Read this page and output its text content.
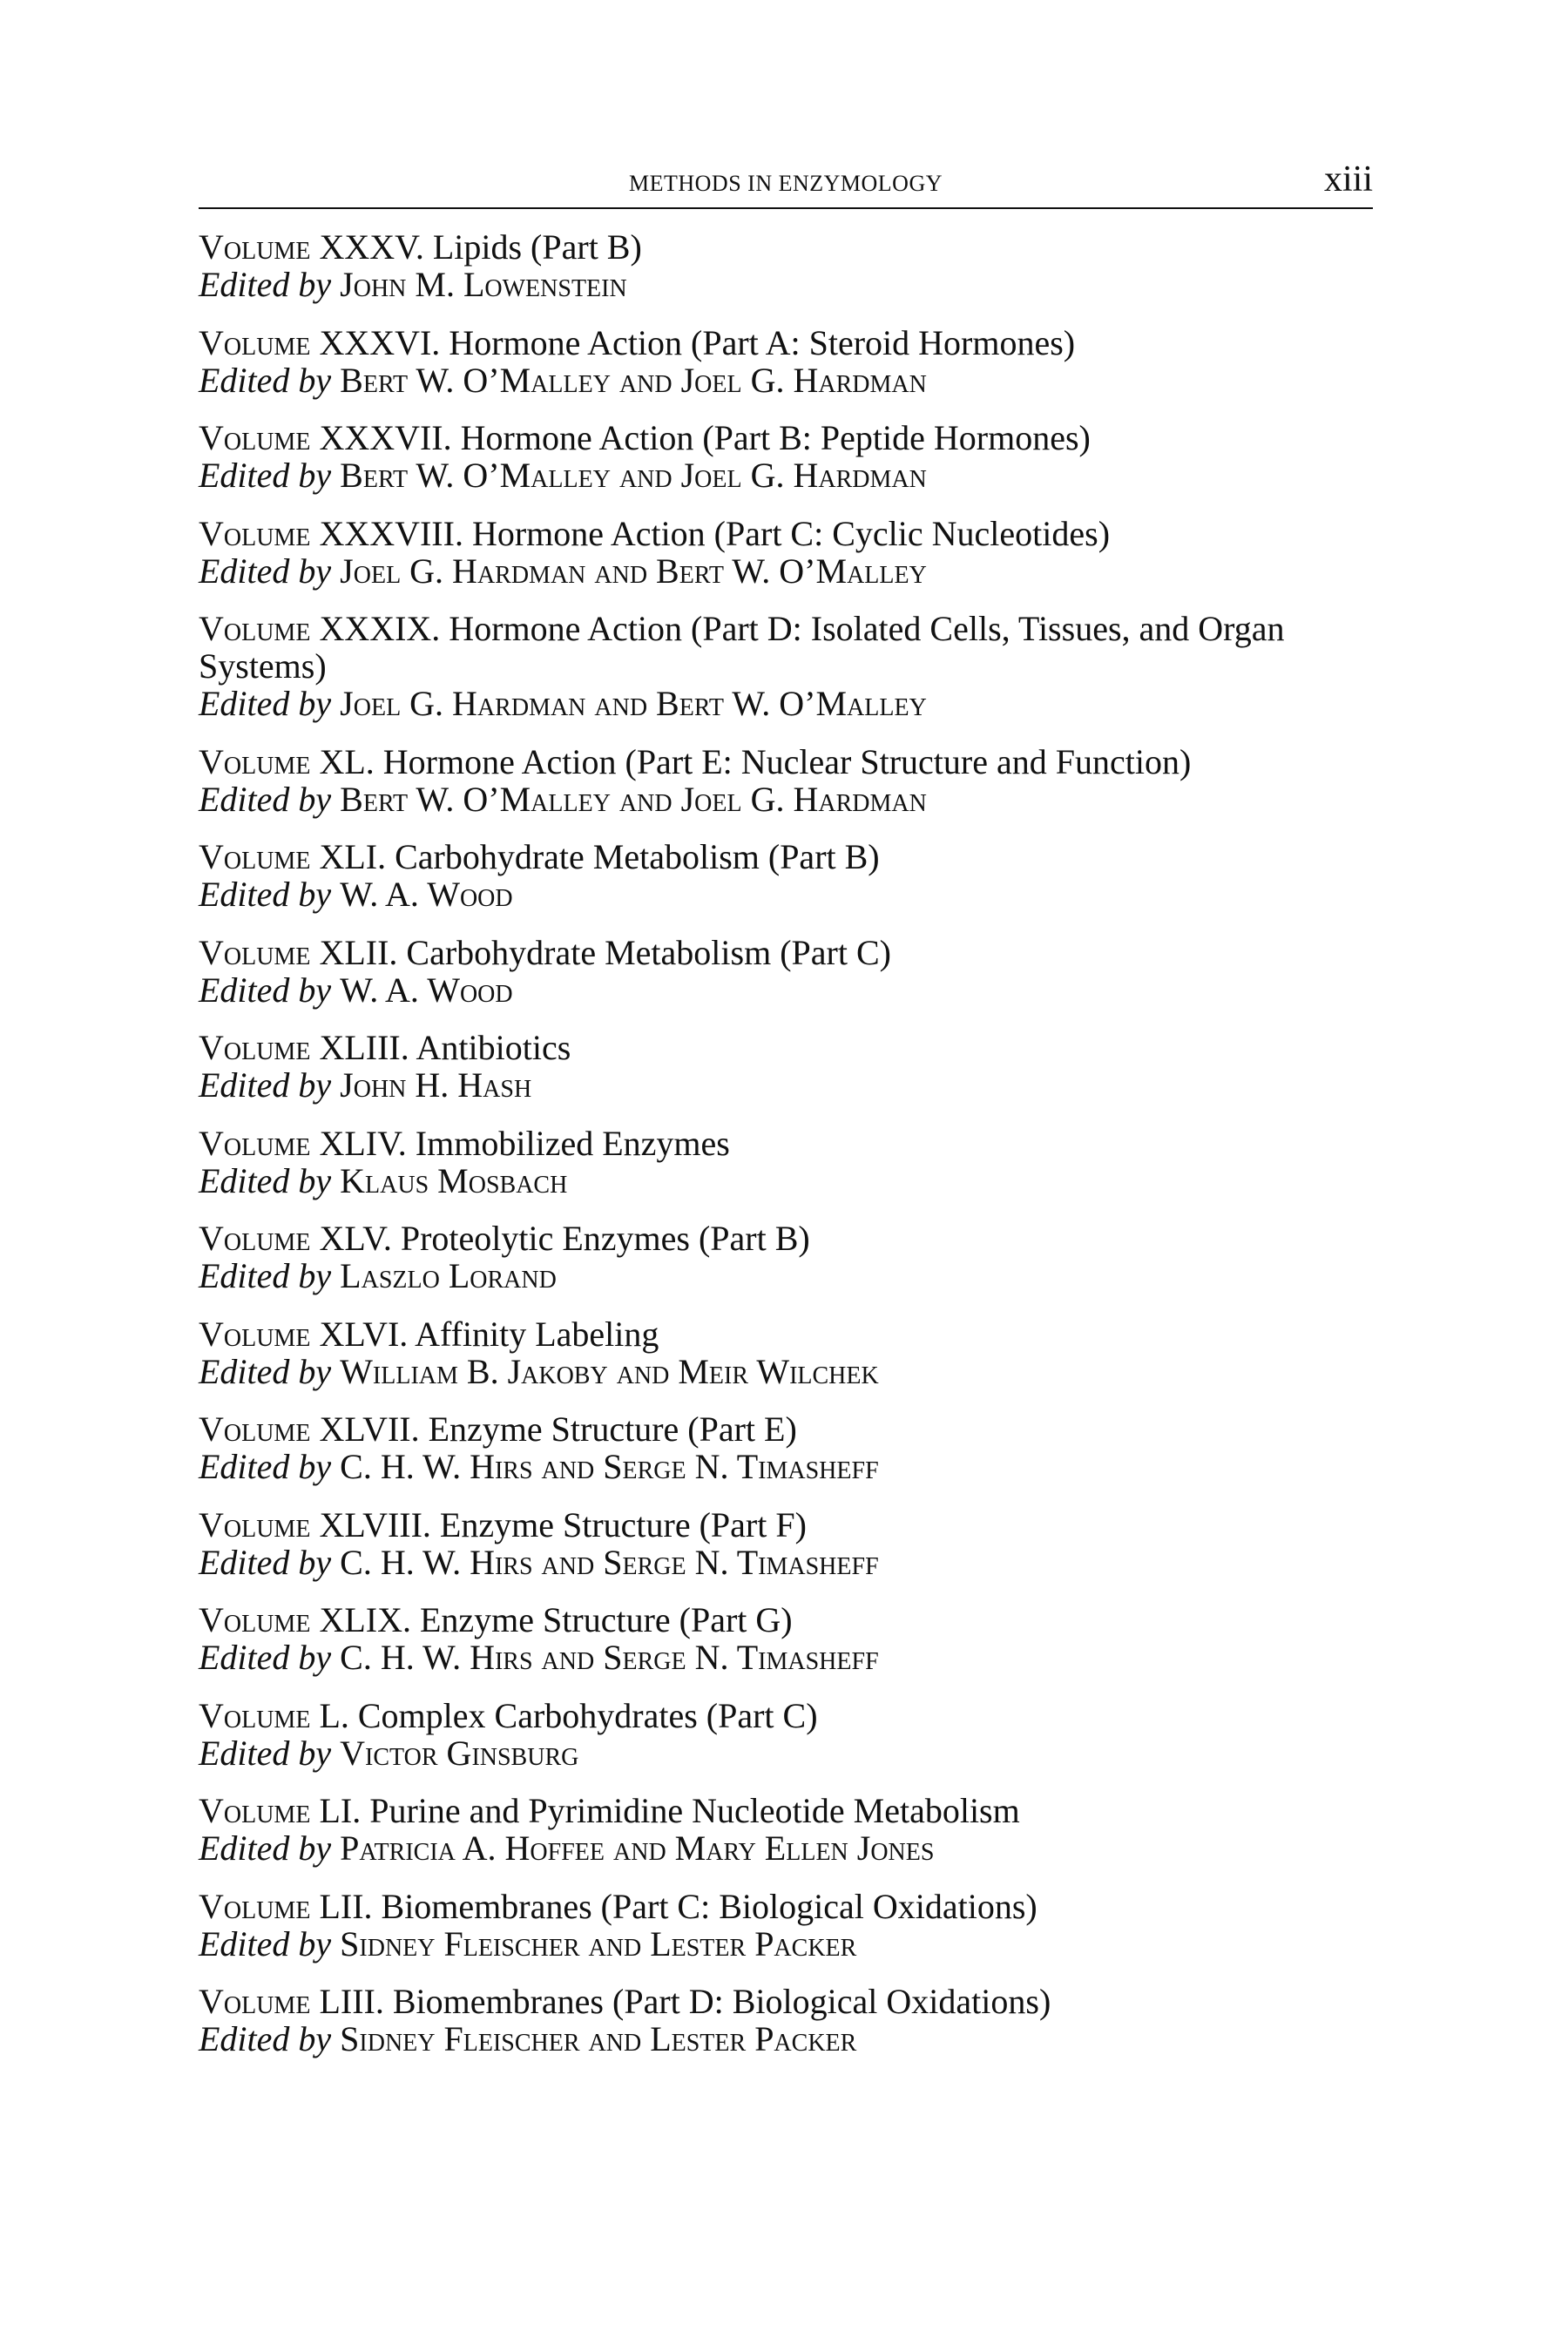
METHODS IN ENZYMOLOGY	xiii

Volume XXXV. Lipids (Part B)

Edited by John M. Lowenstein

Volume XXXVI. Hormone Action (Part A: Steroid Hormones)

Edited by Bert W. O’Malley and Joel G. Hardman

Volume XXXVII. Hormone Action (Part B: Peptide Hormones)

Edited by Bert W. O’Malley and Joel G. Hardman

Volume XXXVIII. Hormone Action (Part C: Cyclic Nucleotides)

Edited by Joel G. Hardman and Bert W. O’Malley

Volume XXXIX. Hormone Action (Part D: Isolated Cells, Tissues, and Organ Systems)

Edited by Joel G. Hardman and Bert W. O’Malley

Volume XL. Hormone Action (Part E: Nuclear Structure and Function)

Edited by Bert W. O’Malley and Joel G. Hardman

Volume XLI. Carbohydrate Metabolism (Part B)

Edited by W. A. Wood

Volume XLII. Carbohydrate Metabolism (Part C)

Edited by W. A. Wood

Volume XLIII. Antibiotics

Edited by John H. Hash

Volume XLIV. Immobilized Enzymes

Edited by Klaus Mosbach

Volume XLV. Proteolytic Enzymes (Part B)

Edited by Laszlo Lorand

Volume XLVI. Affinity Labeling

Edited by William B. Jakoby and Meir Wilchek

Volume XLVII. Enzyme Structure (Part E)

Edited by C. H. W. Hirs and Serge N. Timasheff

Volume XLVIII. Enzyme Structure (Part F)

Edited by C. H. W. Hirs and Serge N. Timasheff

Volume XLIX. Enzyme Structure (Part G)

Edited by C. H. W. Hirs and Serge N. Timasheff

Volume L. Complex Carbohydrates (Part C)

Edited by Victor Ginsburg

Volume LI. Purine and Pyrimidine Nucleotide Metabolism

Edited by Patricia A. Hoffee and Mary Ellen Jones

Volume LII. Biomembranes (Part C: Biological Oxidations)

Edited by Sidney Fleischer and Lester Packer

Volume LIII. Biomembranes (Part D: Biological Oxidations)

Edited by Sidney Fleischer and Lester Packer
